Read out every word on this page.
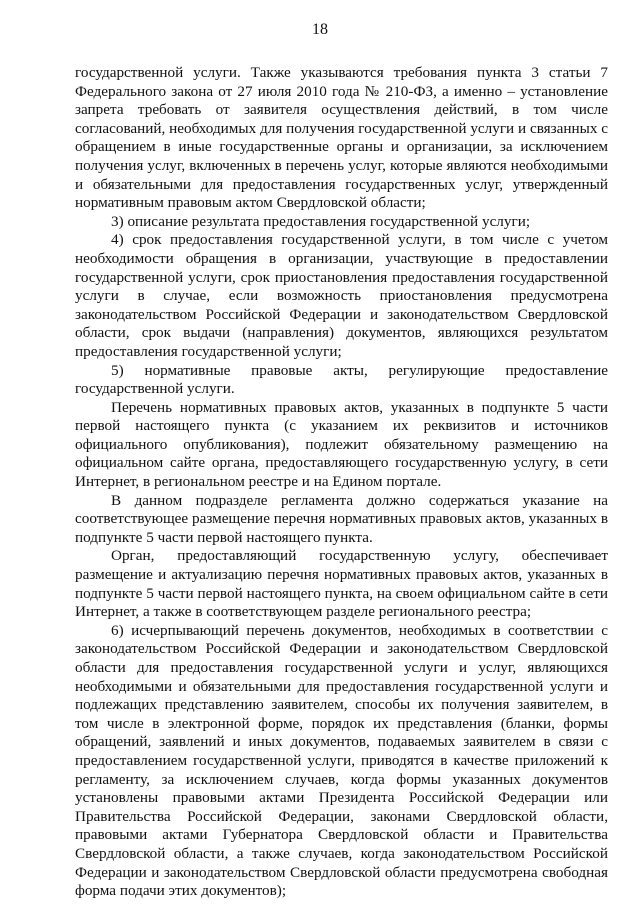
18

государственной услуги. Также указываются требования пункта 3 статьи 7 Федерального закона от 27 июля 2010 года № 210-ФЗ, а именно – установление запрета требовать от заявителя осуществления действий, в том числе согласований, необходимых для получения государственной услуги и связанных с обращением в иные государственные органы и организации, за исключением получения услуг, включенных в перечень услуг, которые являются необходимыми и обязательными для предоставления государственных услуг, утвержденный нормативным правовым актом Свердловской области;

3) описание результата предоставления государственной услуги;

4) срок предоставления государственной услуги, в том числе с учетом необходимости обращения в организации, участвующие в предоставлении государственной услуги, срок приостановления предоставления государственной услуги в случае, если возможность приостановления предусмотрена законодательством Российской Федерации и законодательством Свердловской области, срок выдачи (направления) документов, являющихся результатом предоставления государственной услуги;

5) нормативные правовые акты, регулирующие предоставление государственной услуги.

Перечень нормативных правовых актов, указанных в подпункте 5 части первой настоящего пункта (с указанием их реквизитов и источников официального опубликования), подлежит обязательному размещению на официальном сайте органа, предоставляющего государственную услугу, в сети Интернет, в региональном реестре и на Едином портале.

В данном подразделе регламента должно содержаться указание на соответствующее размещение перечня нормативных правовых актов, указанных в подпункте 5 части первой настоящего пункта.

Орган, предоставляющий государственную услугу, обеспечивает размещение и актуализацию перечня нормативных правовых актов, указанных в подпункте 5 части первой настоящего пункта, на своем официальном сайте в сети Интернет, а также в соответствующем разделе регионального реестра;

6) исчерпывающий перечень документов, необходимых в соответствии с законодательством Российской Федерации и законодательством Свердловской области для предоставления государственной услуги и услуг, являющихся необходимыми и обязательными для предоставления государственной услуги и подлежащих представлению заявителем, способы их получения заявителем, в том числе в электронной форме, порядок их представления (бланки, формы обращений, заявлений и иных документов, подаваемых заявителем в связи с предоставлением государственной услуги, приводятся в качестве приложений к регламенту, за исключением случаев, когда формы указанных документов установлены правовыми актами Президента Российской Федерации или Правительства Российской Федерации, законами Свердловской области, правовыми актами Губернатора Свердловской области и Правительства Свердловской области, а также случаев, когда законодательством Российской Федерации и законодательством Свердловской области предусмотрена свободная форма подачи этих документов);
